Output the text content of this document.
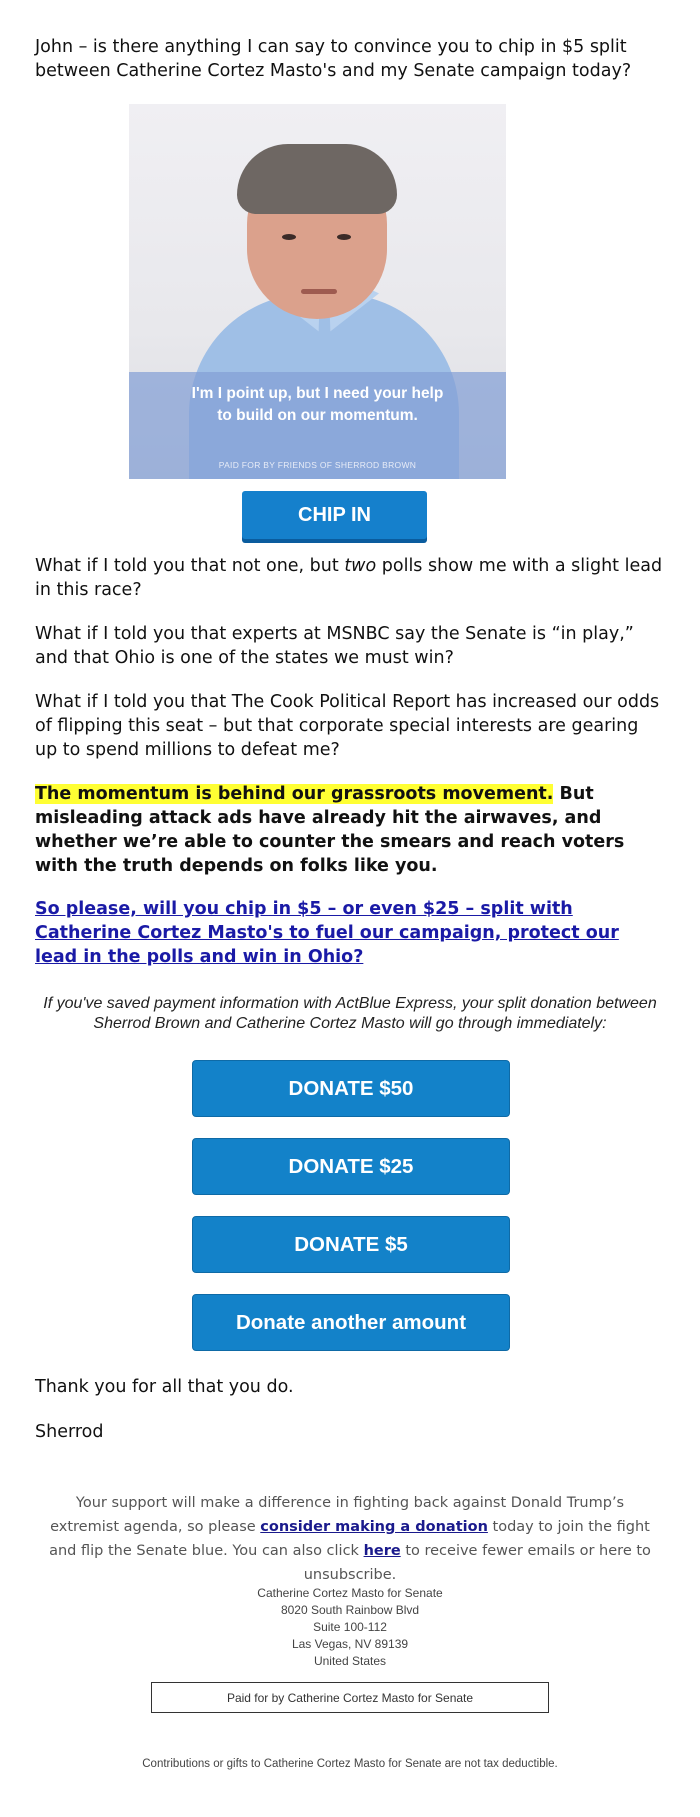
John – is there anything I can say to convince you to chip in $5 split between Catherine Cortez Masto's and my Senate campaign today?

I'm I point up, but I need your help
to build on our momentum.
PAID FOR BY FRIENDS OF SHERROD BROWN
CHIP IN

What if I told you that not one, but two polls show me with a slight lead in this race?

What if I told you that experts at MSNBC say the Senate is “in play,” and that Ohio is one of the states we must win?

What if I told you that The Cook Political Report has increased our odds of flipping this seat – but that corporate special interests are gearing up to spend millions to defeat me?

The momentum is behind our grassroots movement. But misleading attack ads have already hit the airwaves, and whether we’re able to counter the smears and reach voters with the truth depends on folks like you.

So please, will you chip in $5 – or even $25 – split with Catherine Cortez Masto's to fuel our campaign, protect our lead in the polls and win in Ohio?

If you've saved payment information with ActBlue Express, your split donation between Sherrod Brown and Catherine Cortez Masto will go through immediately:
DONATE $50
DONATE $25
DONATE $5
Donate another amount

Thank you for all that you do.

Sherrod

Your support will make a difference in fighting back against Donald Trump’s extremist agenda, so please consider making a donation today to join the fight and flip the Senate blue. You can also click here to receive fewer emails or here to unsubscribe.
Catherine Cortez Masto for Senate
8020 South Rainbow Blvd
Suite 100-112
Las Vegas, NV 89139
United States
Paid for by Catherine Cortez Masto for Senate
Contributions or gifts to Catherine Cortez Masto for Senate are not tax deductible.
